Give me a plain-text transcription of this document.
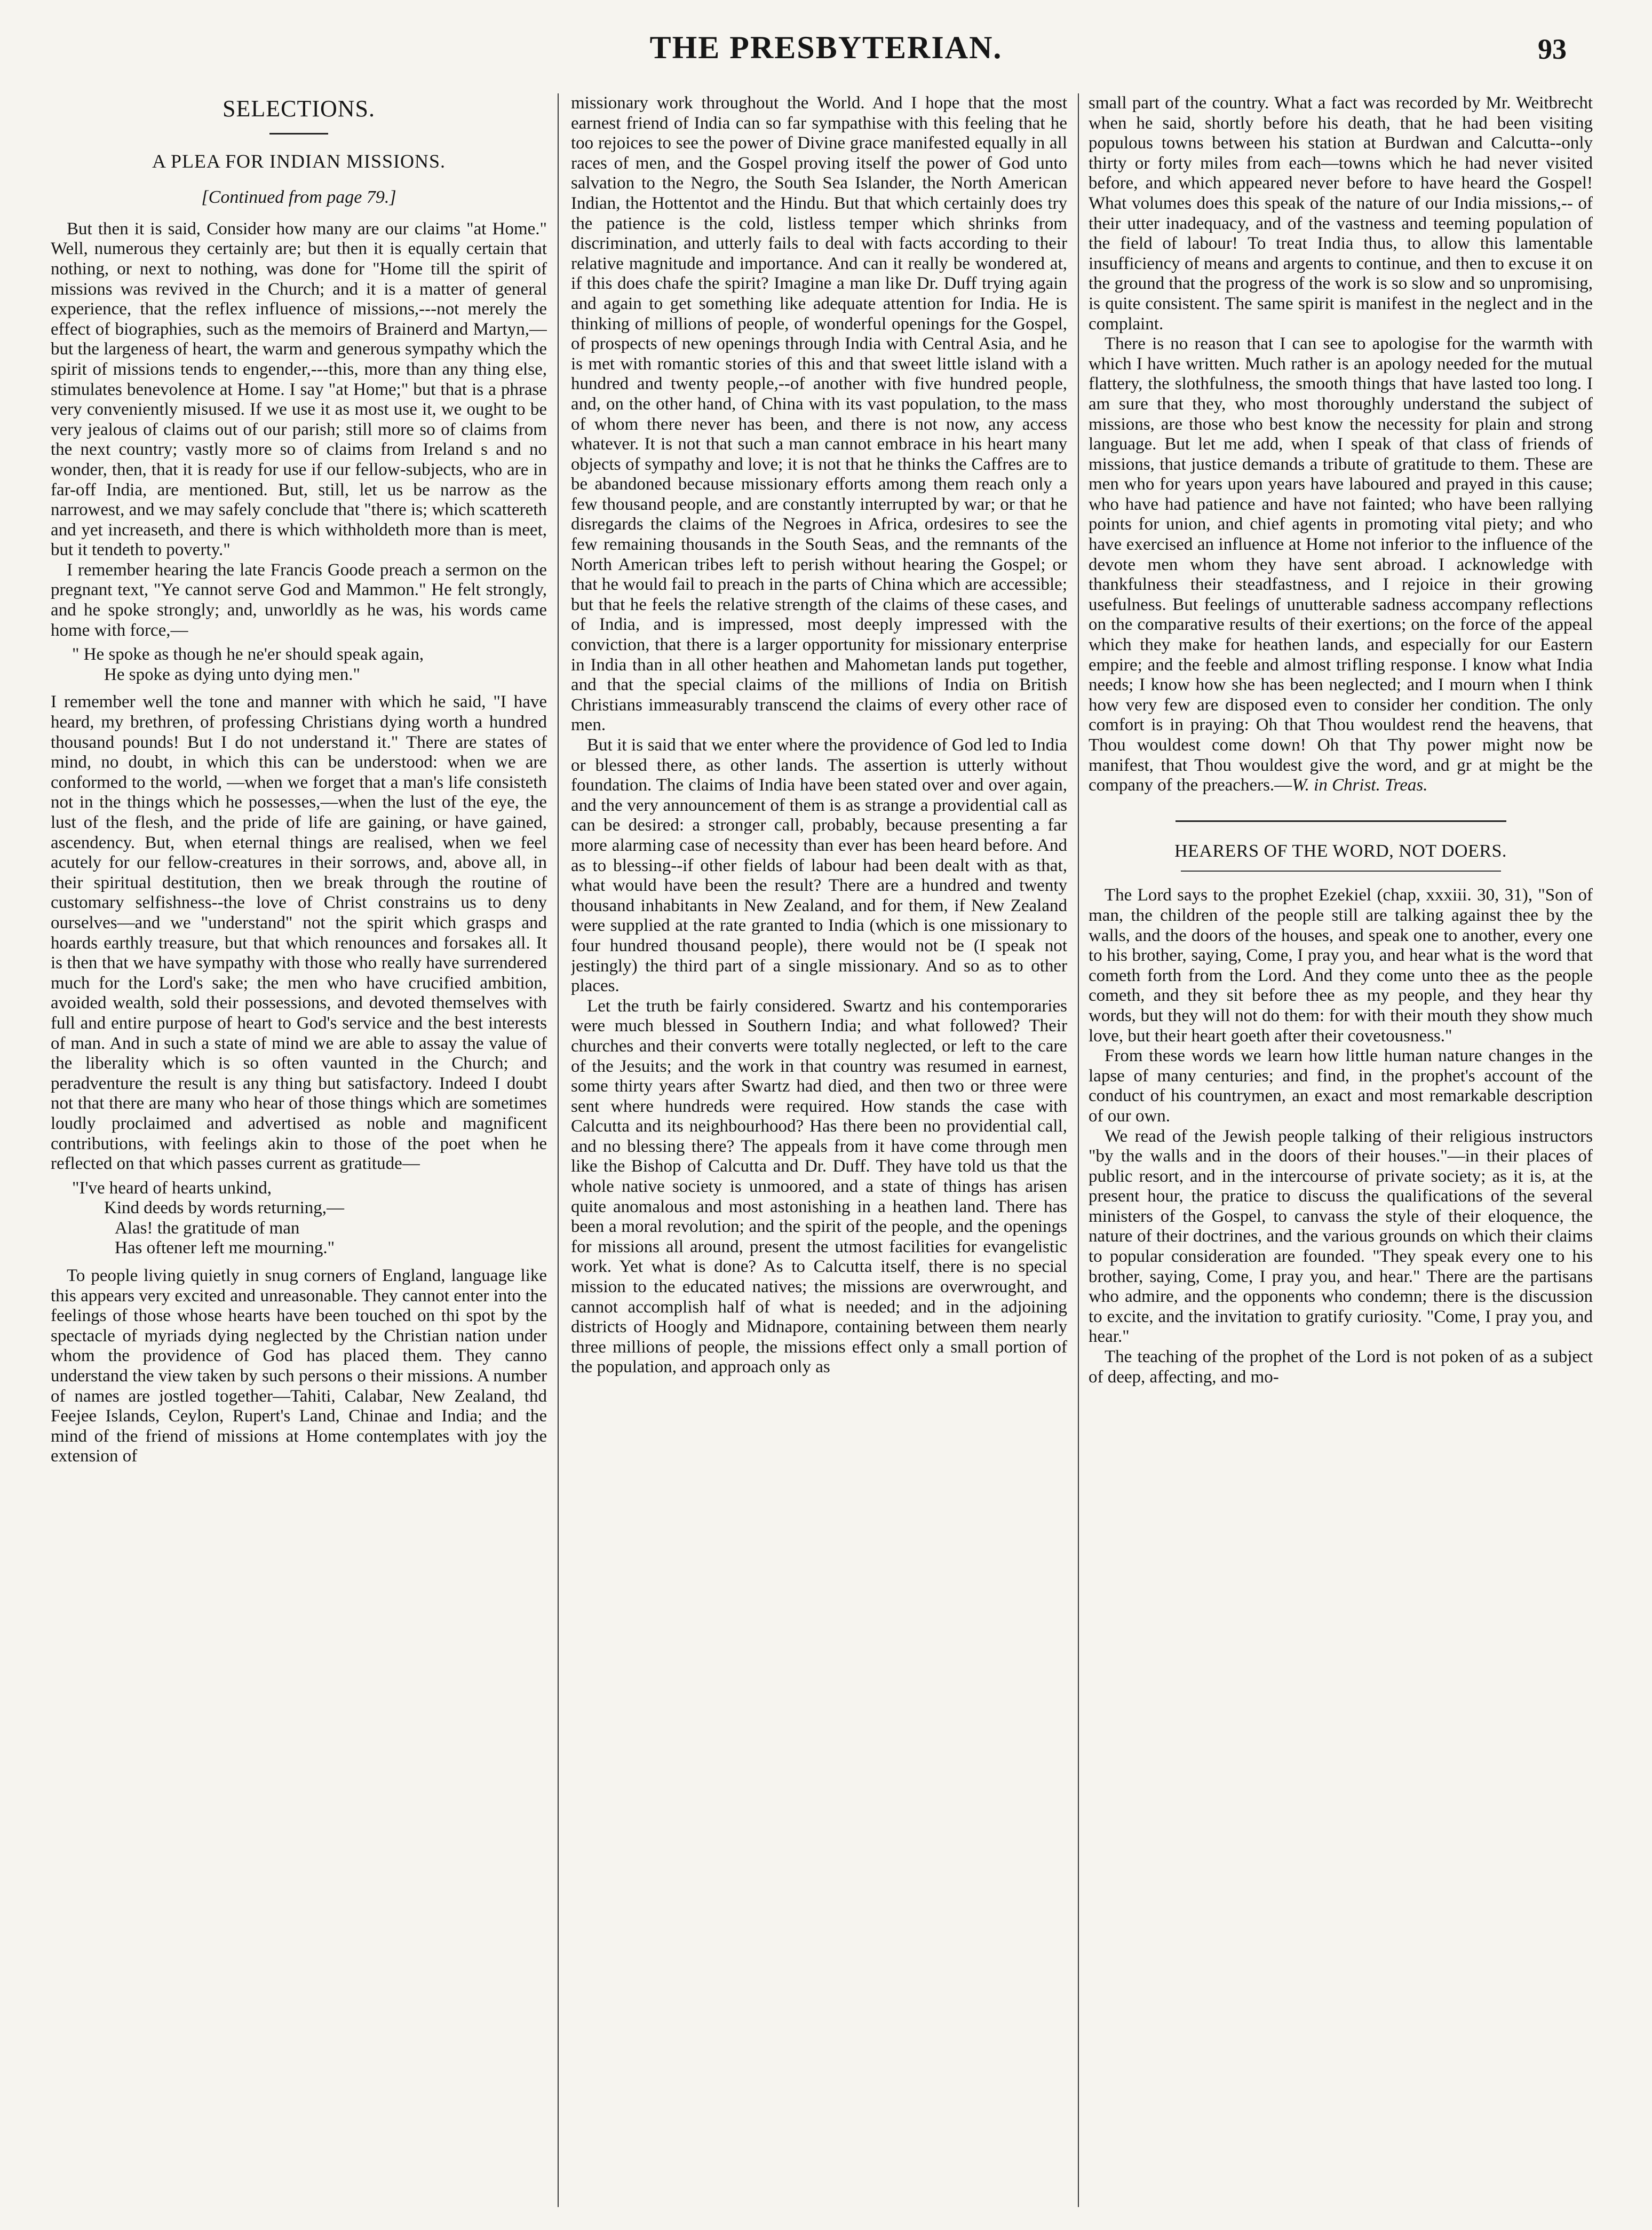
THE PRESBYTERIAN.	93
SELECTIONS.
A PLEA FOR INDIAN MISSIONS.
[Continued from page 79.]

But then it is said, Consider how many are our claims "at Home." Well, numerous they certainly are; but then it is equally certain that nothing, or next to nothing, was done for "Home till the spirit of missions was revived in the Church; and it is a matter of general experience, that the reflex influence of missions,---not merely the effect of biographies, such as the memoirs of Brainerd and Martyn,—but the largeness of heart, the warm and generous sympathy which the spirit of missions tends to engender,---this, more than any thing else, stimulates benevolence at Home. I say "at Home;" but that is a phrase very conveniently misused. If we use it as most use it, we ought to be very jealous of claims out of our parish; still more so of claims from the next country; vastly more so of claims from Ireland s and no wonder, then, that it is ready for use if our fellow-subjects, who are in far-off India, are mentioned. But, still, let us be narrow as the narrowest, and we may safely conclude that "there is; which scattereth and yet increaseth, and there is which withholdeth more than is meet, but it tendeth to poverty."

I remember hearing the late Francis Goode preach a sermon on the pregnant text, "Ye cannot serve God and Mammon." He felt strongly, and he spoke strongly; and, unworldly as he was, his words came home with force,—

" He spoke as though he ne'er should speak again,
He spoke as dying unto dying men."

I remember well the tone and manner with which he said, "I have heard, my brethren, of professing Christians dying worth a hundred thousand pounds! But I do not understand it." There are states of mind, no doubt, in which this can be understood: when we are conformed to the world, —when we forget that a man's life consisteth not in the things which he possesses,—when the lust of the eye, the lust of the flesh, and the pride of life are gaining, or have gained, ascendency. But, when eternal things are realised, when we feel acutely for our fellow-creatures in their sorrows, and, above all, in their spiritual destitution, then we break through the routine of customary selfishness--the love of Christ constrains us to deny ourselves—and we "understand" not the spirit which grasps and hoards earthly treasure, but that which renounces and forsakes all. It is then that we have sympathy with those who really have surrendered much for the Lord's sake; the men who have crucified ambition, avoided wealth, sold their possessions, and devoted themselves with full and entire purpose of heart to God's service and the best interests of man. And in such a state of mind we are able to assay the value of the liberality which is so often vaunted in the Church; and peradventure the result is any thing but satisfactory. Indeed I doubt not that there are many who hear of those things which are sometimes loudly proclaimed and advertised as noble and magnificent contributions, with feelings akin to those of the poet when he reflected on that which passes current as gratitude—

"I've heard of hearts unkind,
Kind deeds by words returning,—
Alas! the gratitude of man
Has oftener left me mourning."

To people living quietly in snug corners of England, language like this appears very excited and unreasonable. They cannot enter into the feelings of those whose hearts have been touched on thi spot by the spectacle of myriads dying neglected by the Christian nation under whom the providence of God has placed them. They canno understand the view taken by such persons o their missions. A number of names are jostled together—Tahiti, Calabar, New Zealand, thd Feejee Islands, Ceylon, Rupert's Land, Chinae and India; and the mind of the friend of missions at Home contemplates with joy the extension of

missionary work throughout the World. And I hope that the most earnest friend of India can so far sympathise with this feeling that he too rejoices to see the power of Divine grace manifested equally in all races of men, and the Gospel proving itself the power of God unto salvation to the Negro, the South Sea Islander, the North American Indian, the Hottentot and the Hindu. But that which certainly does try the patience is the cold, listless temper which shrinks from discrimination, and utterly fails to deal with facts according to their relative magnitude and importance. And can it really be wondered at, if this does chafe the spirit? Imagine a man like Dr. Duff trying again and again to get something like adequate attention for India. He is thinking of millions of people, of wonderful openings for the Gospel, of prospects of new openings through India with Central Asia, and he is met with romantic stories of this and that sweet little island with a hundred and twenty people,--of another with five hundred people, and, on the other hand, of China with its vast population, to the mass of whom there never has been, and there is not now, any access whatever. It is not that such a man cannot embrace in his heart many objects of sympathy and love; it is not that he thinks the Caffres are to be abandoned because missionary efforts among them reach only a few thousand people, and are constantly interrupted by war; or that he disregards the claims of the Negroes in Africa, ordesires to see the few remaining thousands in the South Seas, and the remnants of the North American tribes left to perish without hearing the Gospel; or that he would fail to preach in the parts of China which are accessible; but that he feels the relative strength of the claims of these cases, and of India, and is impressed, most deeply impressed with the conviction, that there is a larger opportunity for missionary enterprise in India than in all other heathen and Mahometan lands put together, and that the special claims of the millions of India on British Christians immeasurably transcend the claims of every other race of men.

But it is said that we enter where the providence of God led to India or blessed there, as other lands. The assertion is utterly without foundation. The claims of India have been stated over and over again, and the very announcement of them is as strange a providential call as can be desired: a stronger call, probably, because presenting a far more alarming case of necessity than ever has been heard before. And as to blessing--if other fields of labour had been dealt with as that, what would have been the result? There are a hundred and twenty thousand inhabitants in New Zealand, and for them, if New Zealand were supplied at the rate granted to India (which is one missionary to four hundred thousand people), there would not be (I speak not jestingly) the third part of a single missionary. And so as to other places.

Let the truth be fairly considered. Swartz and his contemporaries were much blessed in Southern India; and what followed? Their churches and their converts were totally neglected, or left to the care of the Jesuits; and the work in that country was resumed in earnest, some thirty years after Swartz had died, and then two or three were sent where hundreds were required. How stands the case with Calcutta and its neighbourhood? Has there been no providential call, and no blessing there? The appeals from it have come through men like the Bishop of Calcutta and Dr. Duff. They have told us that the whole native society is unmoored, and a state of things has arisen quite anomalous and most astonishing in a heathen land. There has been a moral revolution; and the spirit of the people, and the openings for missions all around, present the utmost facilities for evangelistic work. Yet what is done? As to Calcutta itself, there is no special mission to the educated natives; the missions are overwrought, and cannot accomplish half of what is needed; and in the adjoining districts of Hoogly and Midnapore, containing between them nearly three millions of people, the missions effect only a small portion of the population, and approach only as

small part of the country. What a fact was recorded by Mr. Weitbrecht when he said, shortly before his death, that he had been visiting populous towns between his station at Burdwan and Calcutta--only thirty or forty miles from each—towns which he had never visited before, and which appeared never before to have heard the Gospel! What volumes does this speak of the nature of our India missions,-- of their utter inadequacy, and of the vastness and teeming population of the field of labour! To treat India thus, to allow this lamentable insufficiency of means and argents to continue, and then to excuse it on the ground that the progress of the work is so slow and so unpromising, is quite consistent. The same spirit is manifest in the neglect and in the complaint.

There is no reason that I can see to apologise for the warmth with which I have written. Much rather is an apology needed for the mutual flattery, the slothfulness, the smooth things that have lasted too long. I am sure that they, who most thoroughly understand the subject of missions, are those who best know the necessity for plain and strong language. But let me add, when I speak of that class of friends of missions, that justice demands a tribute of gratitude to them. These are men who for years upon years have laboured and prayed in this cause; who have had patience and have not fainted; who have been rallying points for union, and chief agents in promoting vital piety; and who have exercised an influence at Home not inferior to the influence of the devote men whom they have sent abroad. I acknowledge with thankfulness their steadfastness, and I rejoice in their growing usefulness. But feelings of unutterable sadness accompany reflections on the comparative results of their exertions; on the force of the appeal which they make for heathen lands, and especially for our Eastern empire; and the feeble and almost trifling response. I know what India needs; I know how she has been neglected; and I mourn when I think how very few are disposed even to consider her condition. The only comfort is in praying: Oh that Thou wouldest rend the heavens, that Thou wouldest come down! Oh that Thy power might now be manifest, that Thou wouldest give the word, and gr at might be the company of the preachers.—W. in Christ. Treas.

HEARERS OF THE WORD, NOT DOERS.

The Lord says to the prophet Ezekiel (chap, xxxiii. 30, 31), "Son of man, the children of the people still are talking against thee by the walls, and the doors of the houses, and speak one to another, every one to his brother, saying, Come, I pray you, and hear what is the word that cometh forth from the Lord. And they come unto thee as the people cometh, and they sit before thee as my people, and they hear thy words, but they will not do them: for with their mouth they show much love, but their heart goeth after their covetousness."

From these words we learn how little human nature changes in the lapse of many centuries; and find, in the prophet's account of the conduct of his countrymen, an exact and most remarkable description of our own.

We read of the Jewish people talking of their religious instructors "by the walls and in the doors of their houses."—in their places of public resort, and in the intercourse of private society; as it is, at the present hour, the pratice to discuss the qualifications of the several ministers of the Gospel, to canvass the style of their eloquence, the nature of their doctrines, and the various grounds on which their claims to popular consideration are founded. "They speak every one to his brother, saying, Come, I pray you, and hear." There are the partisans who admire, and the opponents who condemn; there is the discussion to excite, and the invitation to gratify curiosity. "Come, I pray you, and hear."

The teaching of the prophet of the Lord is not poken of as a subject of deep, affecting, and mo-
